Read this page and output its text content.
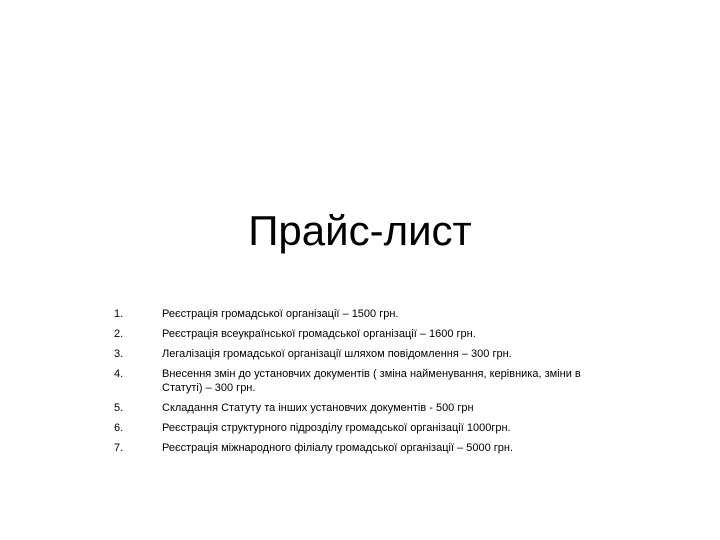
Прайс-лист
1.	Реєстрація громадської організації – 1500 грн.
2.	Реєстрація всеукраїнської громадської організації – 1600 грн.
3.	Легалізація громадської організації шляхом повідомлення – 300 грн.
4.	Внесення змін до установчих документів ( зміна найменування, керівника, зміни в Статуті) – 300 грн.
5.	Складання Статуту та інших установчих документів - 500 грн
6.	Реєстрація структурного підрозділу громадської організації 1000грн.
7.	Реєстрація міжнародного філіалу громадської організації – 5000 грн.
